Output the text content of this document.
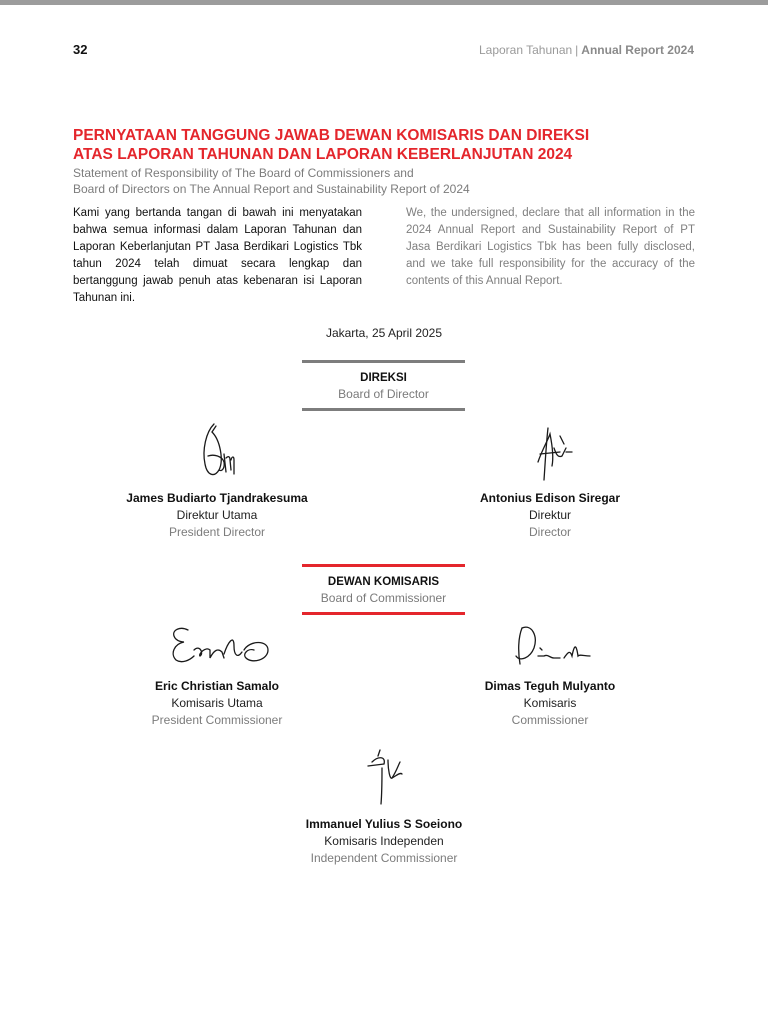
32	Laporan Tahunan | Annual Report 2024
PERNYATAAN TANGGUNG JAWAB DEWAN KOMISARIS DAN DIREKSI
ATAS LAPORAN TAHUNAN DAN LAPORAN KEBERLANJUTAN 2024
Statement of Responsibility of The Board of Commissioners and
Board of Directors on The Annual Report and Sustainability Report of 2024
Kami yang bertanda tangan di bawah ini menyatakan bahwa semua informasi dalam Laporan Tahunan dan Laporan Keberlanjutan PT Jasa Berdikari Logistics Tbk tahun 2024 telah dimuat secara lengkap dan bertanggung jawab penuh atas kebenaran isi Laporan Tahunan ini.
We, the undersigned, declare that all information in the 2024 Annual Report and Sustainability Report of PT Jasa Berdikari Logistics Tbk has been fully disclosed, and we take full responsibility for the accuracy of the contents of this Annual Report.
Jakarta, 25 April 2025
DIREKSI
Board of Director
James Budiarto Tjandrakesuma
Direktur Utama
President Director
Antonius Edison Siregar
Direktur
Director
DEWAN KOMISARIS
Board of Commissioner
Eric Christian Samalo
Komisaris Utama
President Commissioner
Dimas Teguh Mulyanto
Komisaris
Commissioner
Immanuel Yulius S Soeiono
Komisaris Independen
Independent Commissioner
